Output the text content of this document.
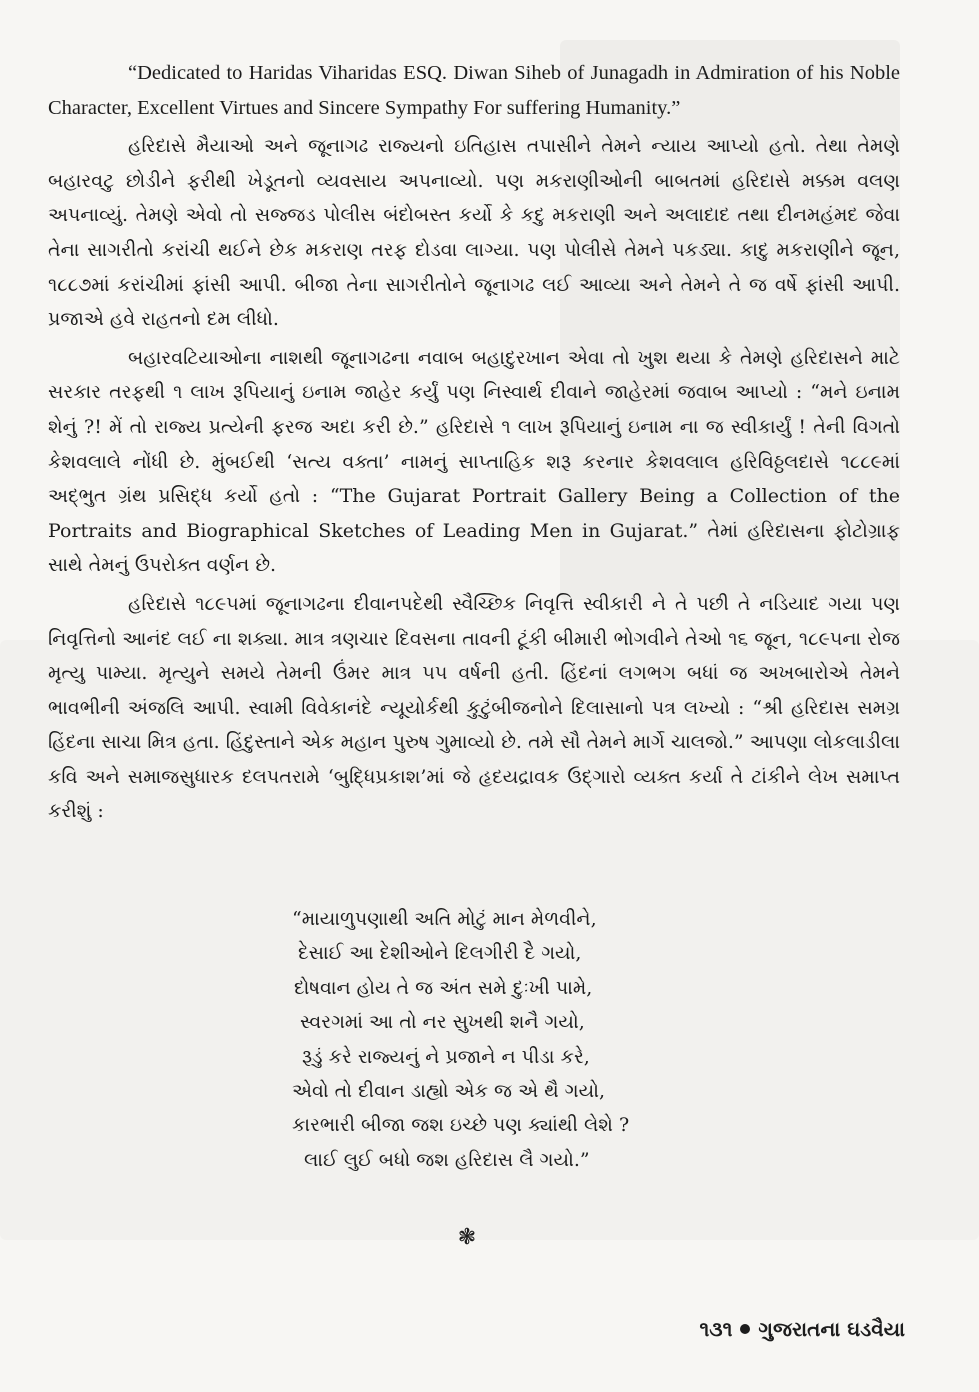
“Dedicated to Haridas Viharidas ESQ. Diwan Siheb of Junagadh in Admiration of his Noble Character, Excellent Virtues and Sincere Sympathy For suffering Humanity.”

હરિદાસે મૈયાઓ અને જૂનાગઢ રાજ્યનો ઇતિહાસ તપાસીને તેમને ન્યાય આપ્યો હતો. તેથા તેમણે બહારવટુ છોડીને ફરીથી ખેડૂતનો વ્યવસાય અપનાવ્યો. પણ મકરાણીઓની બાબતમાં હરિદાસે મક્કમ વલણ અપનાવ્યું. તેમણે એવો તો સજ્જડ પોલીસ બંદોબસ્ત કર્યો કે કદુ મકરાણી અને અલાદાદ તથા દીનમહંમદ જેવા તેના સાગરીતો કરાંચી થઈને છેક મકરાણ તરફ દોડવા લાગ્યા. પણ પોલીસે તેમને પકડ્યા. કાદુ મકરાણીને જૂન, ૧૮૮૭માં કરાંચીમાં ફાંસી આપી. બીજા તેના સાગરીતોને જૂનાગઢ લઈ આવ્યા અને તેમને તે જ વર્ષે ફાંસી આપી. પ્રજાએ હવે રાહતનો દમ લીધો.

બહારવટિયાઓના નાશથી જૂનાગઢના નવાબ બહાદુરખાન એવા તો ખુશ થયા કે તેમણે હરિદાસને માટે સરકાર તરફથી ૧ લાખ રૂપિયાનું ઇનામ જાહેર કર્યું પણ નિસ્વાર્થ દીવાને જાહેરમાં જવાબ આપ્યો : “મને ઇનામ શેનું ?! મેં તો રાજ્ય પ્રત્યેની ફરજ અદા કરી છે.” હરિદાસે ૧ લાખ રૂપિયાનું ઇનામ ના જ સ્વીકાર્યું ! તેની વિગતો કેશવલાલે નોંધી છે. મુંબઈથી ‘સત્ય વક્તા’ નામનું સાપ્તાહિક શરૂ કરનાર કેશવલાલ હરિવિઠ્ઠલદાસે ૧૮૮૯માં અદ્‌ભુત ગ્રંથ પ્રસિદ્ધ કર્યો હતો : “The Gujarat Portrait Gallery Being a Collection of the Portraits and Biographical Sketches of Leading Men in Gujarat.” તેમાં હરિદાસના ફોટોગ્રાફ સાથે તેમનું ઉપરોક્ત વર્ણન છે.

હરિદાસે ૧૮૯૫માં જૂનાગઢના દીવાનપદેથી સ્વૈચ્છિક નિવૃત્તિ સ્વીકારી ને તે પછી તે નડિયાદ ગયા પણ નિવૃત્તિનો આનંદ લઈ ના શક્યા. માત્ર ત્રણચાર દિવસના તાવની ટૂંકી બીમારી ભોગવીને તેઓ ૧૬ જૂન, ૧૮૯૫ના રોજ મૃત્યુ પામ્યા. મૃત્યુને સમયે તેમની ઉંમર માત્ર ૫૫ વર્ષની હતી. હિંદનાં લગભગ બધાં જ અખબારોએ તેમને ભાવભીની અંજલિ આપી. સ્વામી વિવેકાનંદે ન્યૂયોર્કથી કુટુંબીજનોને દિલાસાનો પત્ર લખ્યો : “શ્રી હરિદાસ સમગ્ર હિંદના સાચા મિત્ર હતા. હિંદુસ્તાને એક મહાન પુરુષ ગુમાવ્યો છે. તમે સૌ તેમને માર્ગે ચાલજો.” આપણા લોકલાડીલા કવિ અને સમાજસુધારક દલપતરામે ‘બુદ્ધિપ્રકાશ’માં જે હૃદયદ્રાવક ઉદ્‌ગારો વ્યક્ત કર્યા તે ટાંકીને લેખ સમાપ્ત કરીશું :

“માયાળુપણાથી અતિ મોટું માન મેળવીને,
દેસાઈ આ દેશીઓને દિલગીરી દૈ ગયો,
દોષવાન હોય તે જ અંત સમે દુઃખી પામે,
સ્વરગમાં આ તો નર સુખથી શનૈ ગયો,
રૂડું કરે રાજ્યનું ને પ્રજાને ન પીડા કરે,
એવો તો દીવાન ડાહ્યો એક જ એ થૈ ગયો,
કારભારી બીજા જશ ઇચ્છે પણ ક્યાંથી લેશે ?
લાઈ લુઈ બધો જશ હરિદાસ લૈ ગયો.”
❃
૧૩૧ ગુજરાતના ઘડવૈયા
